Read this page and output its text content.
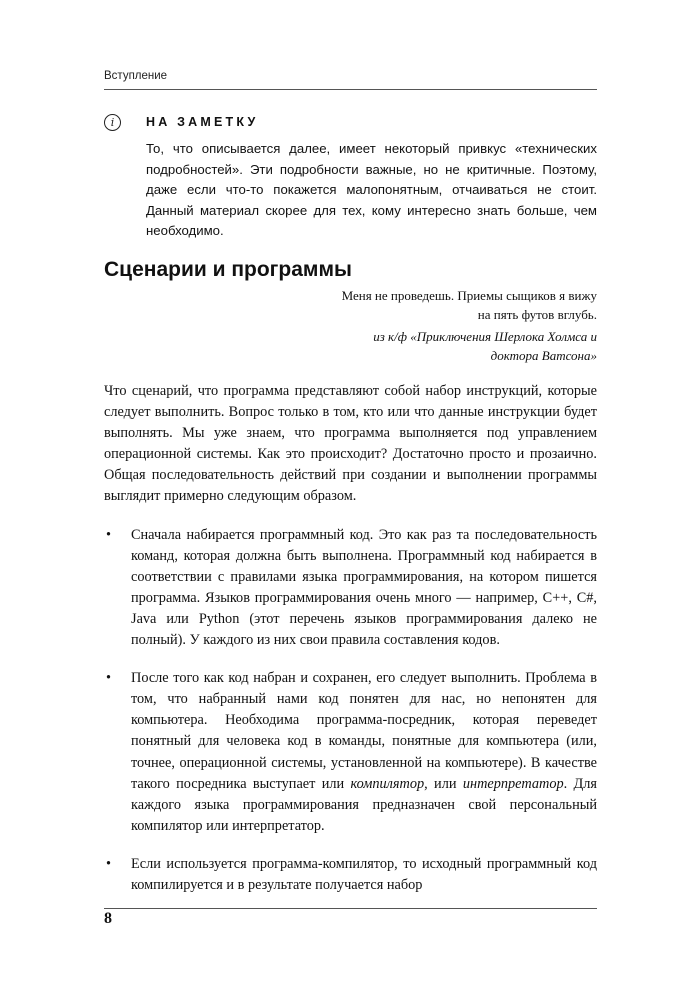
Вступление
i	НА ЗАМЕТКУ
То, что описывается далее, имеет некоторый привкус «технических подробностей». Эти подробности важные, но не критичные. Поэтому, даже если что-то покажется малопонятным, отчаиваться не стоит. Данный материал скорее для тех, кому интересно знать больше, чем необходимо.
Сценарии и программы

Меня не проведешь. Приемы сыщиков я вижу на пять футов вглубь.

из к/ф «Приключения Шерлока Холмса и доктора Ватсона»

Что сценарий, что программа представляют собой набор инструкций, которые следует выполнить. Вопрос только в том, кто или что данные инструкции будет выполнять. Мы уже знаем, что программа выполняется под управлением операционной системы. Как это происходит? Достаточно просто и прозаично. Общая последовательность действий при создании и выполнении программы выглядит примерно следующим образом.

• Сначала набирается программный код. Это как раз та последовательность команд, которая должна быть выполнена. Программный код набирается в соответствии с правилами языка программирования, на котором пишется программа. Языков программирования очень много — например, C++, C#, Java или Python (этот перечень языков программирования далеко не полный). У каждого из них свои правила составления кодов.
• После того как код набран и сохранен, его следует выполнить. Проблема в том, что набранный нами код понятен для нас, но непонятен для компьютера. Необходима программа-посредник, которая переведет понятный для человека код в команды, понятные для компьютера (или, точнее, операционной системы, установленной на компьютере). В качестве такого посредника выступает или компилятор, или интерпретатор. Для каждого языка программирования предназначен свой персональный компилятор или интерпретатор.
• Если используется программа-компилятор, то исходный программный код компилируется и в результате получается набор
8
